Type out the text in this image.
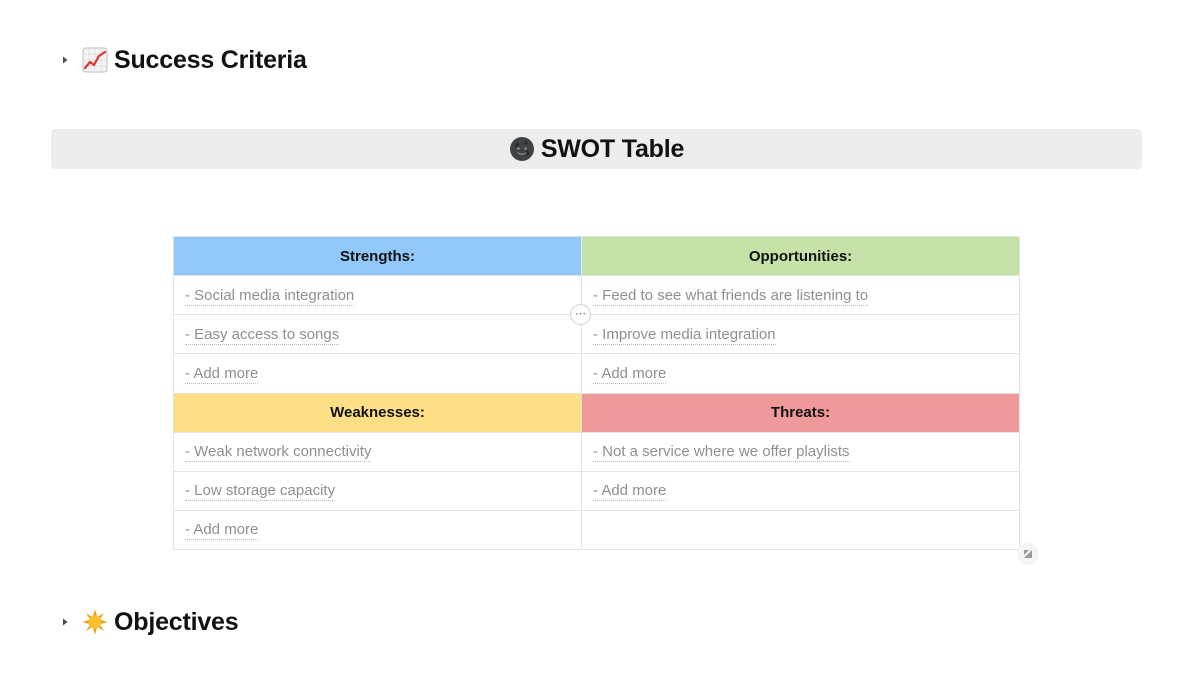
Success Criteria
SWOT Table
Strengths:	Opportunities:
- Social media integration	- Feed to see what friends are listening to
- Easy access to songs	- Improve media integration
- Add more	- Add more
Weaknesses:	Threats:
- Weak network connectivity	- Not a service where we offer playlists
- Low storage capacity	- Add more
- Add more	
⋯
Objectives
